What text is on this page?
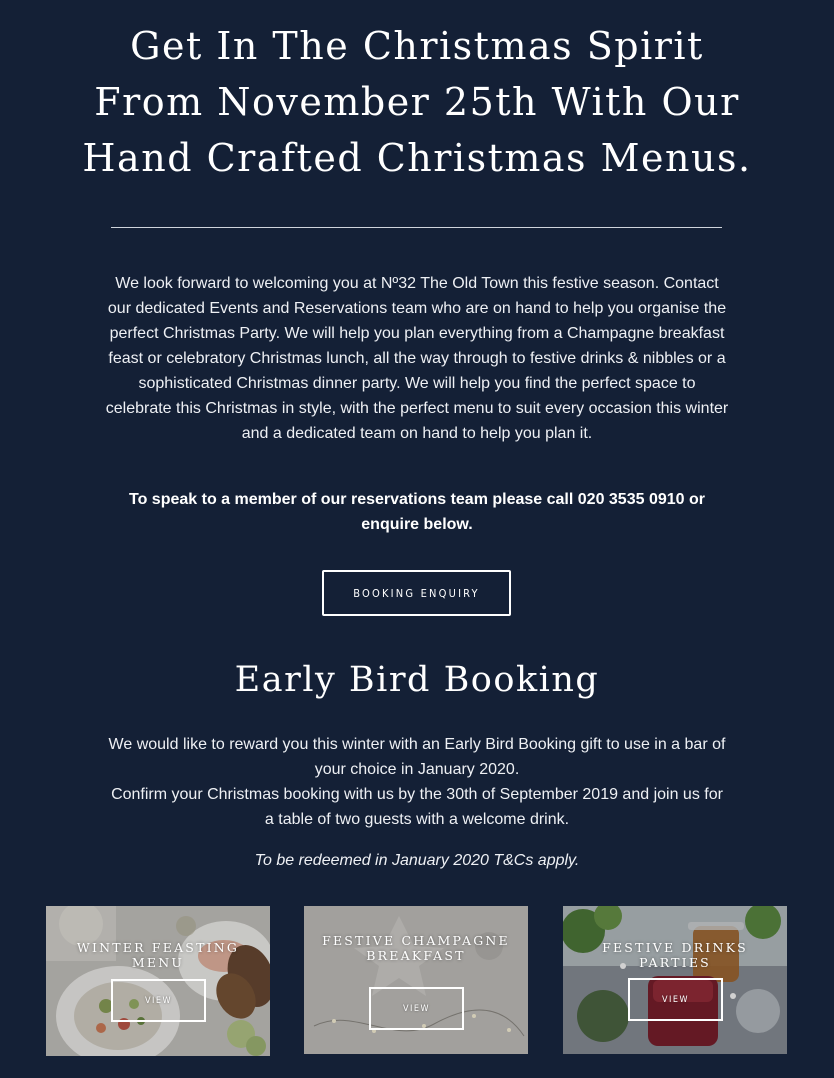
Get In The Christmas Spirit
From November 25th With Our
Hand Crafted Christmas Menus.

We look forward to welcoming you at Nº32 The Old Town this festive season. Contact our dedicated Events and Reservations team who are on hand to help you organise the perfect Christmas Party. We will help you plan everything from a Champagne breakfast feast or celebratory Christmas lunch, all the way through to festive drinks & nibbles or a sophisticated Christmas dinner party. We will help you find the perfect space to celebrate this Christmas in style, with the perfect menu to suit every occasion this winter and a dedicated team on hand to help you plan it.

To speak to a member of our reservations team please call 020 3535 0910 or enquire below.

BOOKING ENQUIRY
Early Bird Booking

We would like to reward you this winter with an Early Bird Booking gift to use in a bar of your choice in January 2020.

Confirm your Christmas booking with us by the 30th of September 2019 and join us for a table of two guests with a welcome drink.

To be redeemed in January 2020 T&Cs apply.

WINTER FEASTING MENU
VIEW
FESTIVE CHAMPAGNE BREAKFAST
VIEW
FESTIVE DRINKS PARTIES
VIEW
